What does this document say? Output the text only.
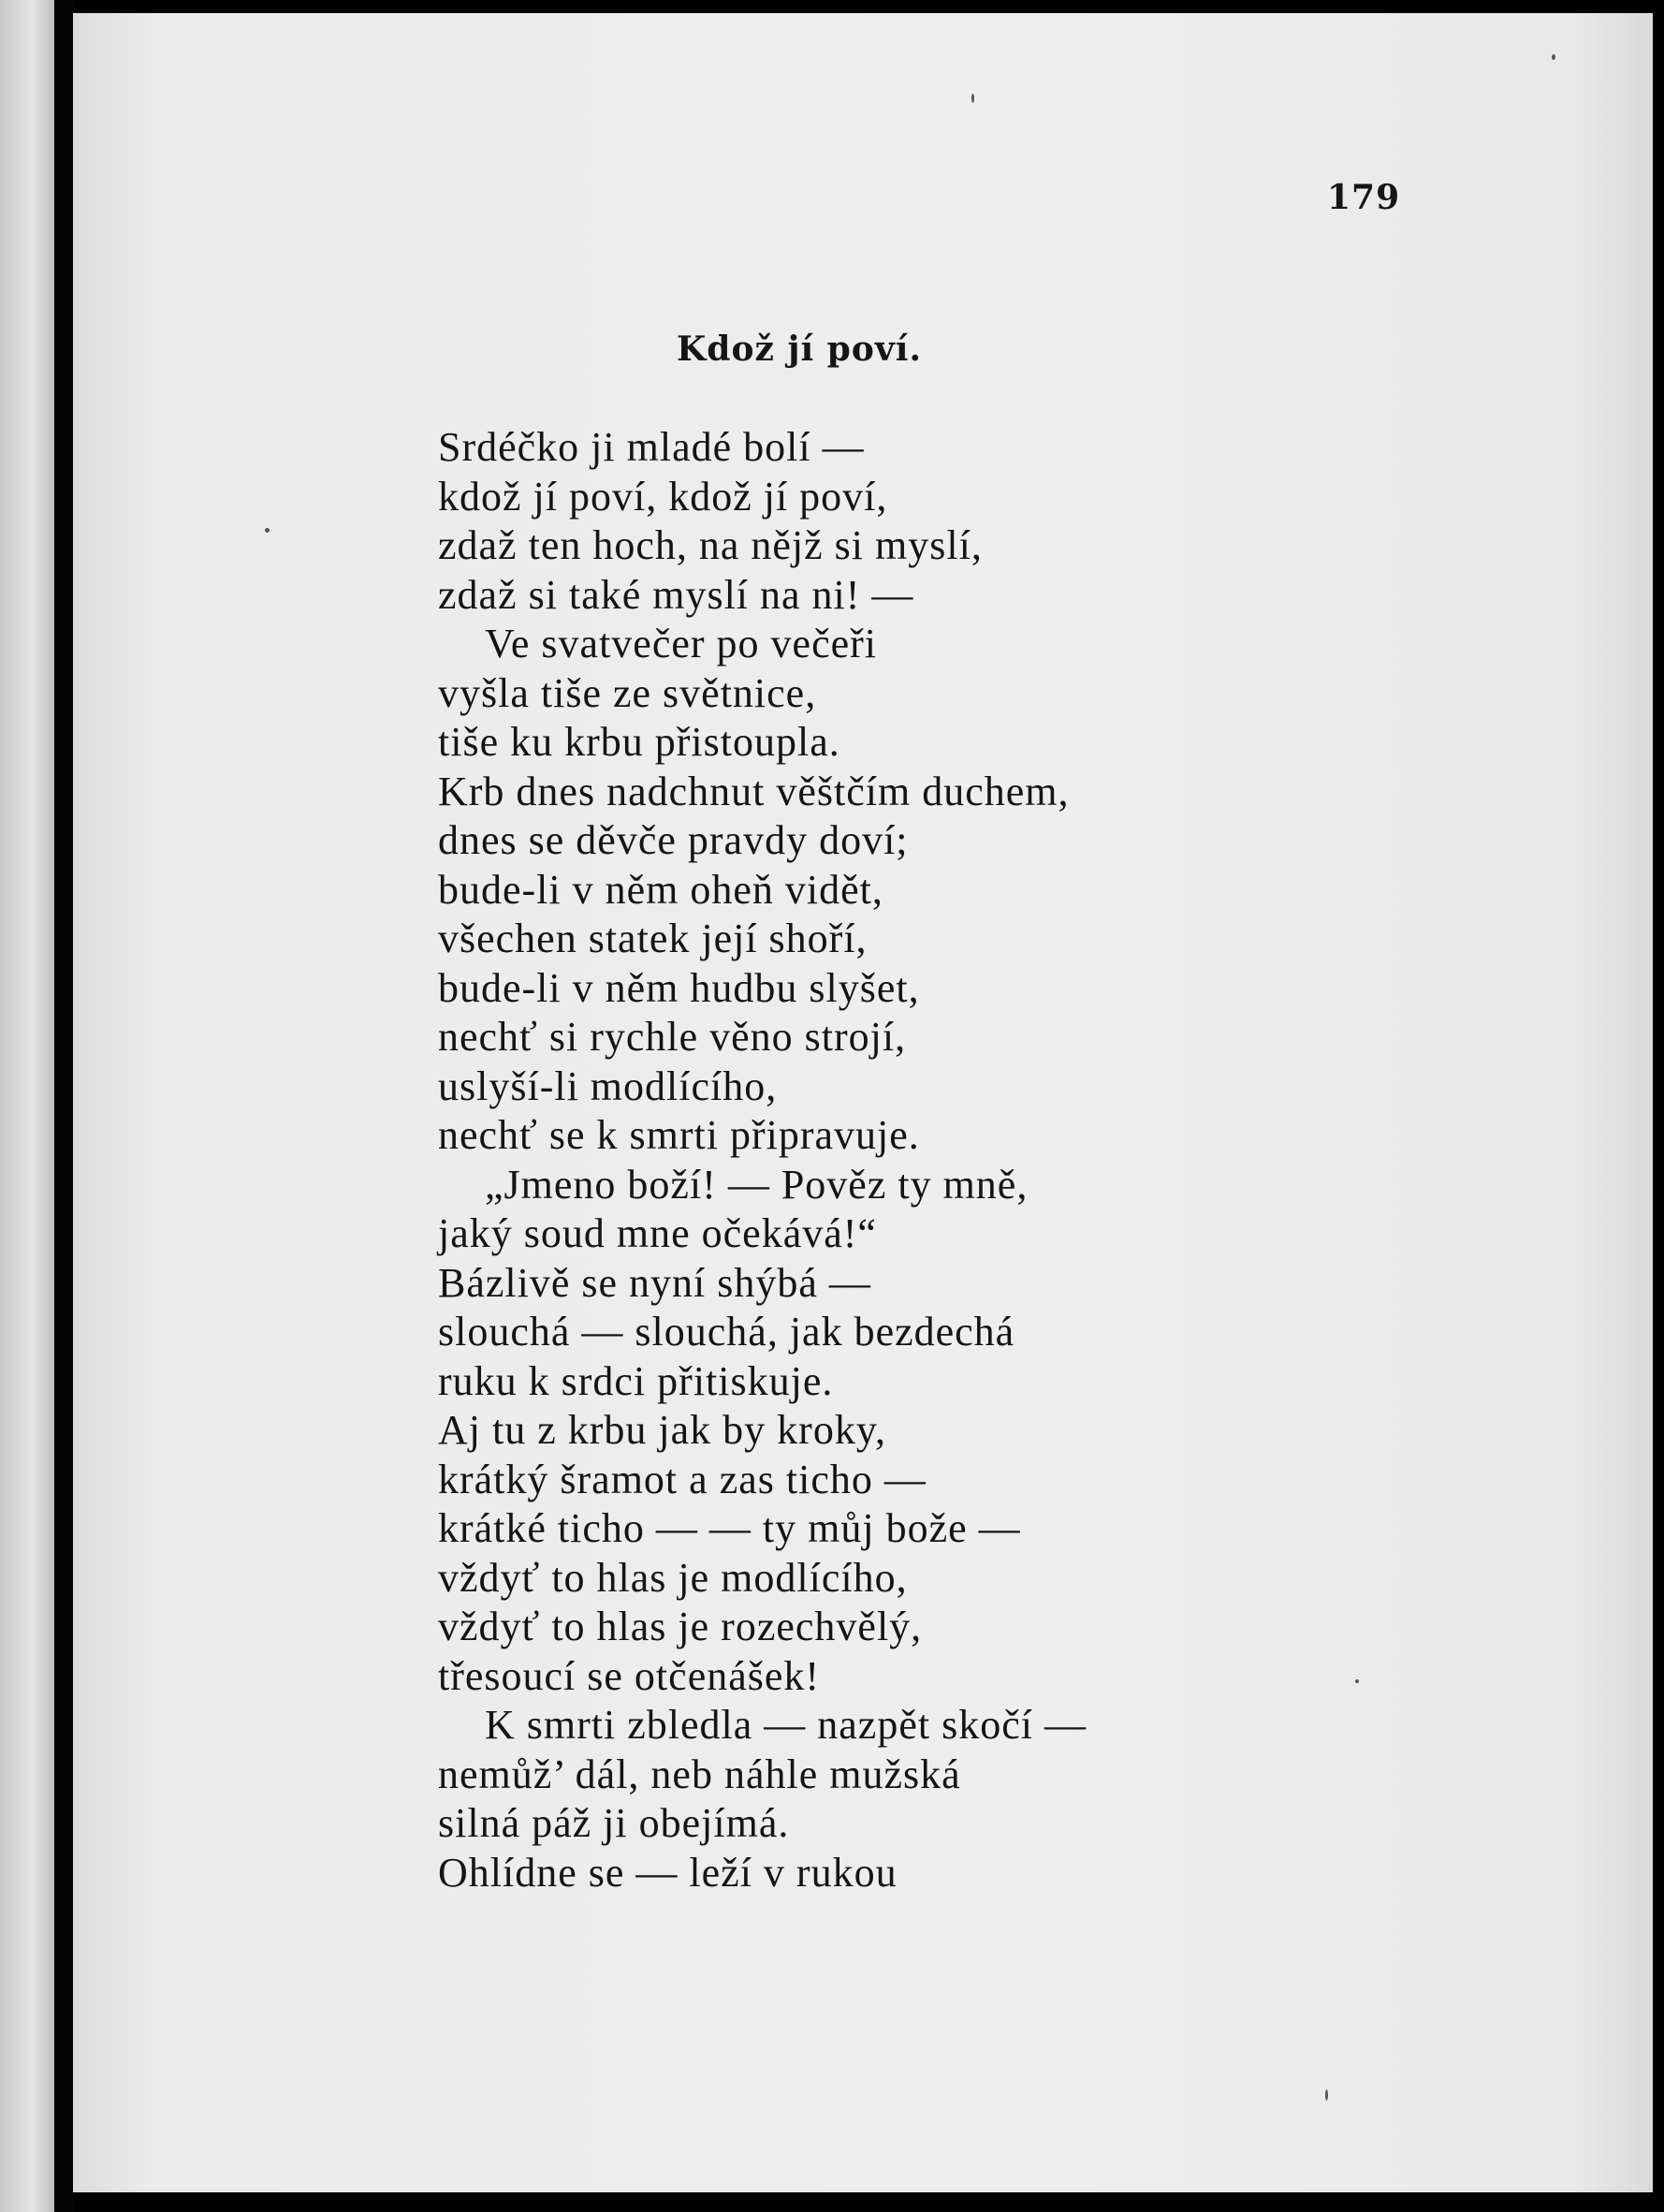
179
Kdož jí poví.
Srdéčko ji mladé bolí —
kdož jí poví, kdož jí poví,
zdaž ten hoch, na nějž si myslí,
zdaž si také myslí na ni! —
Ve svatvečer po večeři
vyšla tiše ze světnice,
tiše ku krbu přistoupla.
Krb dnes nadchnut věštčím duchem,
dnes se děvče pravdy doví;
bude-li v něm oheň vidět,
všechen statek její shoří,
bude-li v něm hudbu slyšet,
nechť si rychle věno strojí,
uslyší-li modlícího,
nechť se k smrti připravuje.
„Jmeno boží! — Pověz ty mně,
jaký soud mne očekává!“
Bázlivě se nyní shýbá —
slouchá — slouchá, jak bezdechá
ruku k srdci přitiskuje.
Aj tu z krbu jak by kroky,
krátký šramot a zas ticho —
krátké ticho — — ty můj bože —
vždyť to hlas je modlícího,
vždyť to hlas je rozechvělý,
třesoucí se otčenášek!
K smrti zbledla — nazpět skočí —
nemůž’ dál, neb náhle mužská
silná páž ji obejímá.
Ohlídne se — leží v rukou
